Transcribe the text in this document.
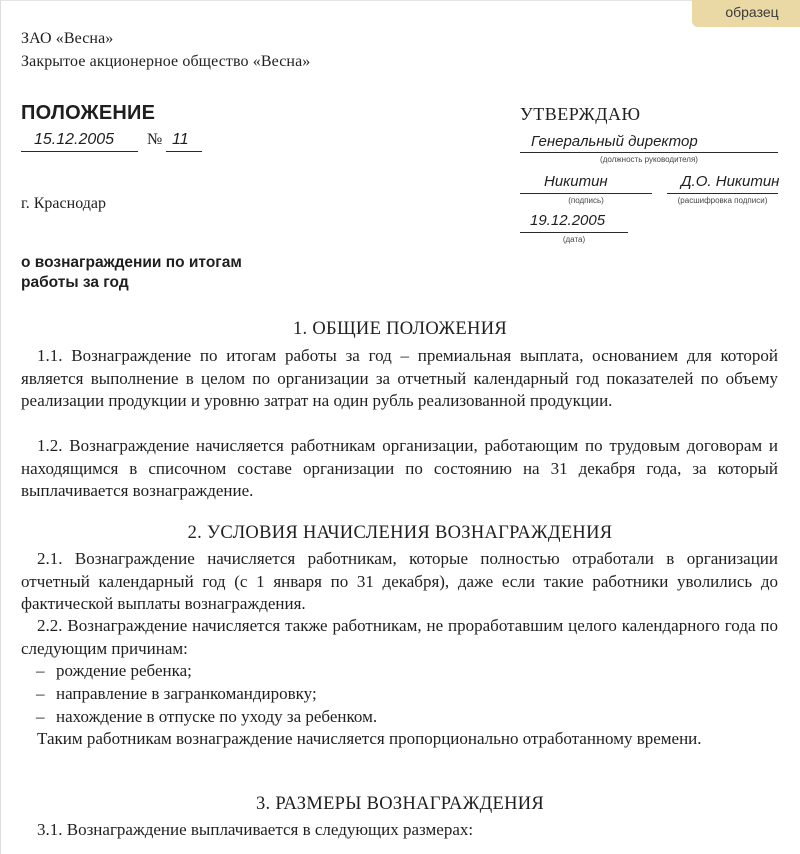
образец
ЗАО «Весна»
Закрытое акционерное общество «Весна»
ПОЛОЖЕНИЕ
15.12.2005 № 11
г. Краснодар
УТВЕРЖДАЮ
Генеральный директор
(должность руководителя)
Никитин
(подпись)
Д.О. Никитин
(расшифровка подписи)
19.12.2005
(дата)
о вознаграждении по итогам
работы за год
1. ОБЩИЕ ПОЛОЖЕНИЯ
1.1. Вознаграждение по итогам работы за год – премиальная выплата, основанием для которой является выполнение в целом по организации за отчетный календарный год показателей по объему реализации продукции и уровню затрат на один рубль реализованной продукции.
1.2. Вознаграждение начисляется работникам организации, работающим по трудовым договорам и находящимся в списочном составе организации по состоянию на 31 декабря года, за который выплачивается вознаграждение.
2. УСЛОВИЯ НАЧИСЛЕНИЯ ВОЗНАГРАЖДЕНИЯ
2.1. Вознаграждение начисляется работникам, которые полностью отработали в организации отчетный календарный год (с 1 января по 31 декабря), даже если такие работники уволились до фактической выплаты вознаграждения.
2.2. Вознаграждение начисляется также работникам, не проработавшим целого календарного года по следующим причинам:
– рождение ребенка;
– направление в загранкомандировку;
– нахождение в отпуске по уходу за ребенком.
Таким работникам вознаграждение начисляется пропорционально отработанному времени.
3. РАЗМЕРЫ ВОЗНАГРАЖДЕНИЯ
3.1. Вознаграждение выплачивается в следующих размерах:
